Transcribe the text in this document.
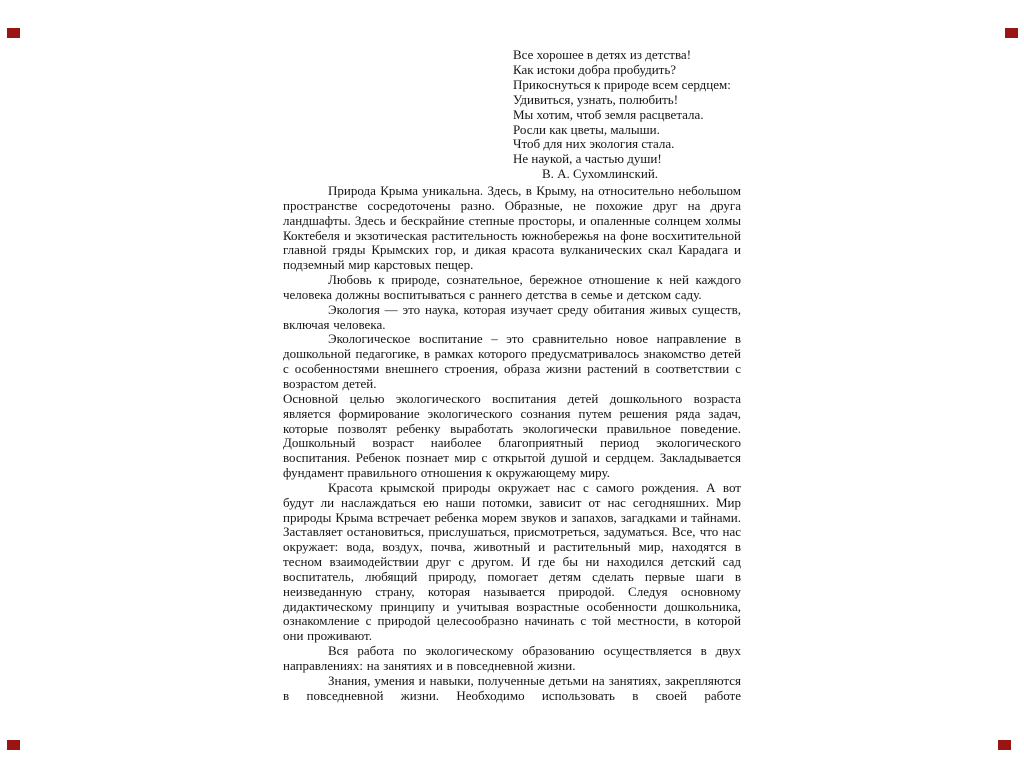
Все хорошее в детях из детства!
Как истоки добра пробудить?
Прикоснуться к природе всем сердцем:
Удивиться, узнать, полюбить!
Мы хотим, чтоб земля расцветала.
Росли как цветы, малыши.
Чтоб для них экология стала.
Не наукой, а частью души!
В. А. Сухомлинский.

Природа Крыма уникальна. Здесь, в Крыму, на относительно небольшом пространстве сосредоточены разно. Образные, не похожие друг на друга ландшафты. Здесь и бескрайние степные просторы, и опаленные солнцем холмы Коктебеля и экзотическая растительность южнобережья на фоне восхитительной главной гряды Крымских гор, и дикая красота вулканических скал Карадага и подземный мир карстовых пещер.

Любовь к природе, сознательное, бережное отношение к ней каждого человека должны воспитываться с раннего детства в семье и детском саду.

Экология — это наука, которая изучает среду обитания живых существ, включая человека.

Экологическое воспитание – это сравнительно новое направление в дошкольной педагогике, в рамках которого предусматривалось знакомство детей с особенностями внешнего строения, образа жизни растений в соответствии с возрастом детей.

Основной целью экологического воспитания детей дошкольного возраста является формирование экологического сознания путем решения ряда задач, которые позволят ребенку выработать экологически правильное поведение. Дошкольный возраст наиболее благоприятный период экологического воспитания. Ребенок познает мир с открытой душой и сердцем. Закладывается фундамент правильного отношения к окружающему миру.

Красота крымской природы окружает нас с самого рождения. А вот будут ли наслаждаться ею наши потомки, зависит от нас сегодняшних. Мир природы Крыма встречает ребенка морем звуков и запахов, загадками и тайнами. Заставляет остановиться, прислушаться, присмотреться, задуматься. Все, что нас окружает: вода, воздух, почва, животный и растительный мир, находятся в тесном взаимодействии друг с другом. И где бы ни находился детский сад воспитатель, любящий природу, помогает детям сделать первые шаги в неизведанную страну, которая называется природой. Следуя основному дидактическому принципу и учитывая возрастные особенности дошкольника, ознакомление с природой целесообразно начинать с той местности, в которой они проживают.

Вся работа по экологическому образованию осуществляется в двух направлениях: на занятиях и в повседневной жизни.

Знания, умения и навыки, полученные детьми на занятиях, закрепляются в повседневной жизни. Необходимо использовать в своей работе
